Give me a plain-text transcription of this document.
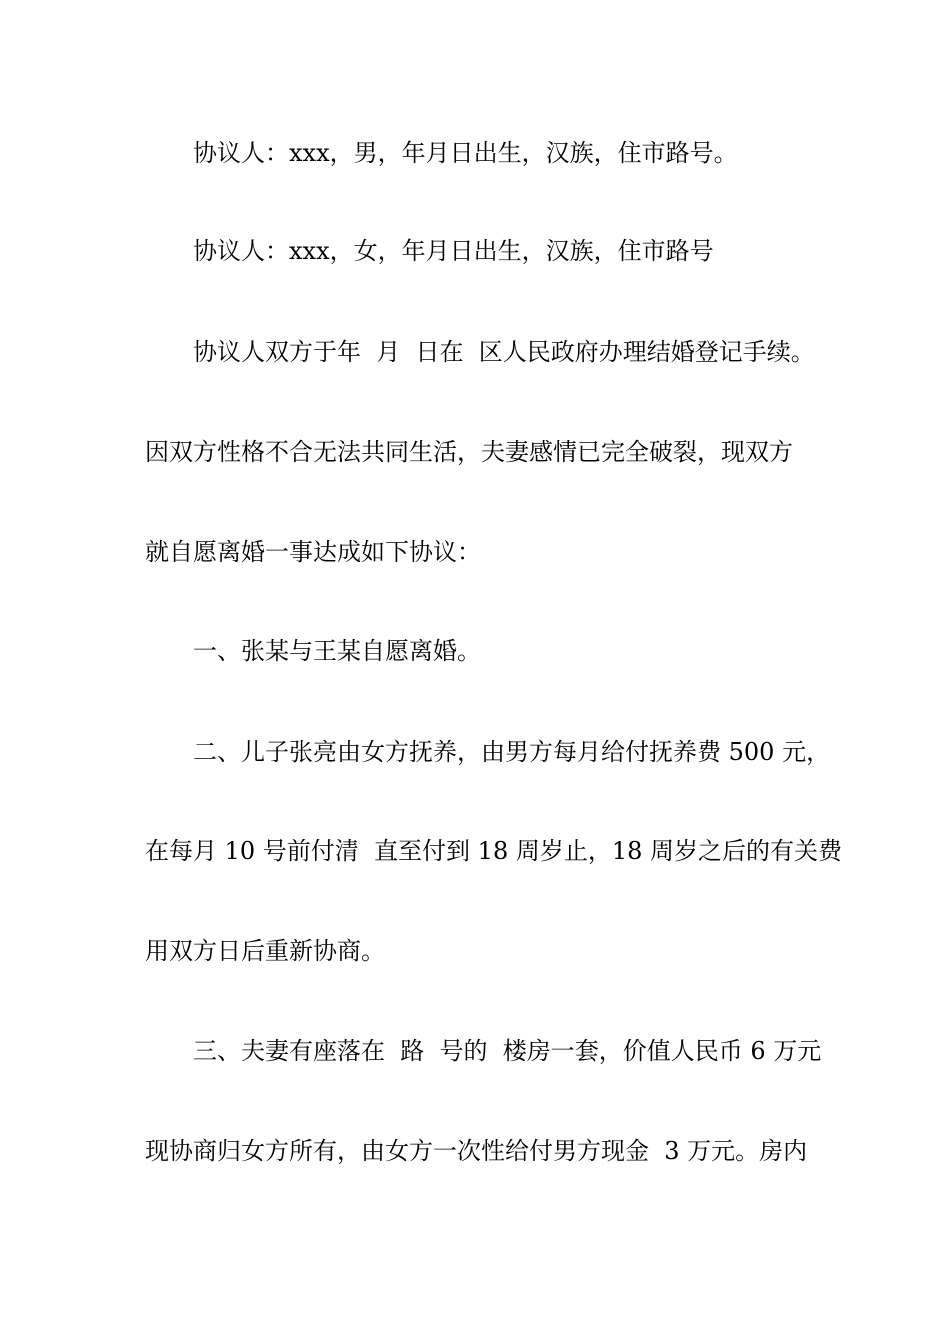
协议人：xxx，男，年月日出生，汉族，住市路号。

协议人：xxx，女，年月日出生，汉族，住市路号

协议人双方于年  月  日在  区人民政府办理结婚登记手续。

因双方性格不合无法共同生活，夫妻感情已完全破裂，现双方

就自愿离婚一事达成如下协议：

一、张某与王某自愿离婚。

二、儿子张亮由女方抚养，由男方每月给付抚养费 500 元，

在每月 10 号前付清  直至付到 18 周岁止，18 周岁之后的有关费

用双方日后重新协商。

三、夫妻有座落在  路  号的  楼房一套，价值人民币 6 万元

现协商归女方所有，由女方一次性给付男方现金  3 万元。房内
